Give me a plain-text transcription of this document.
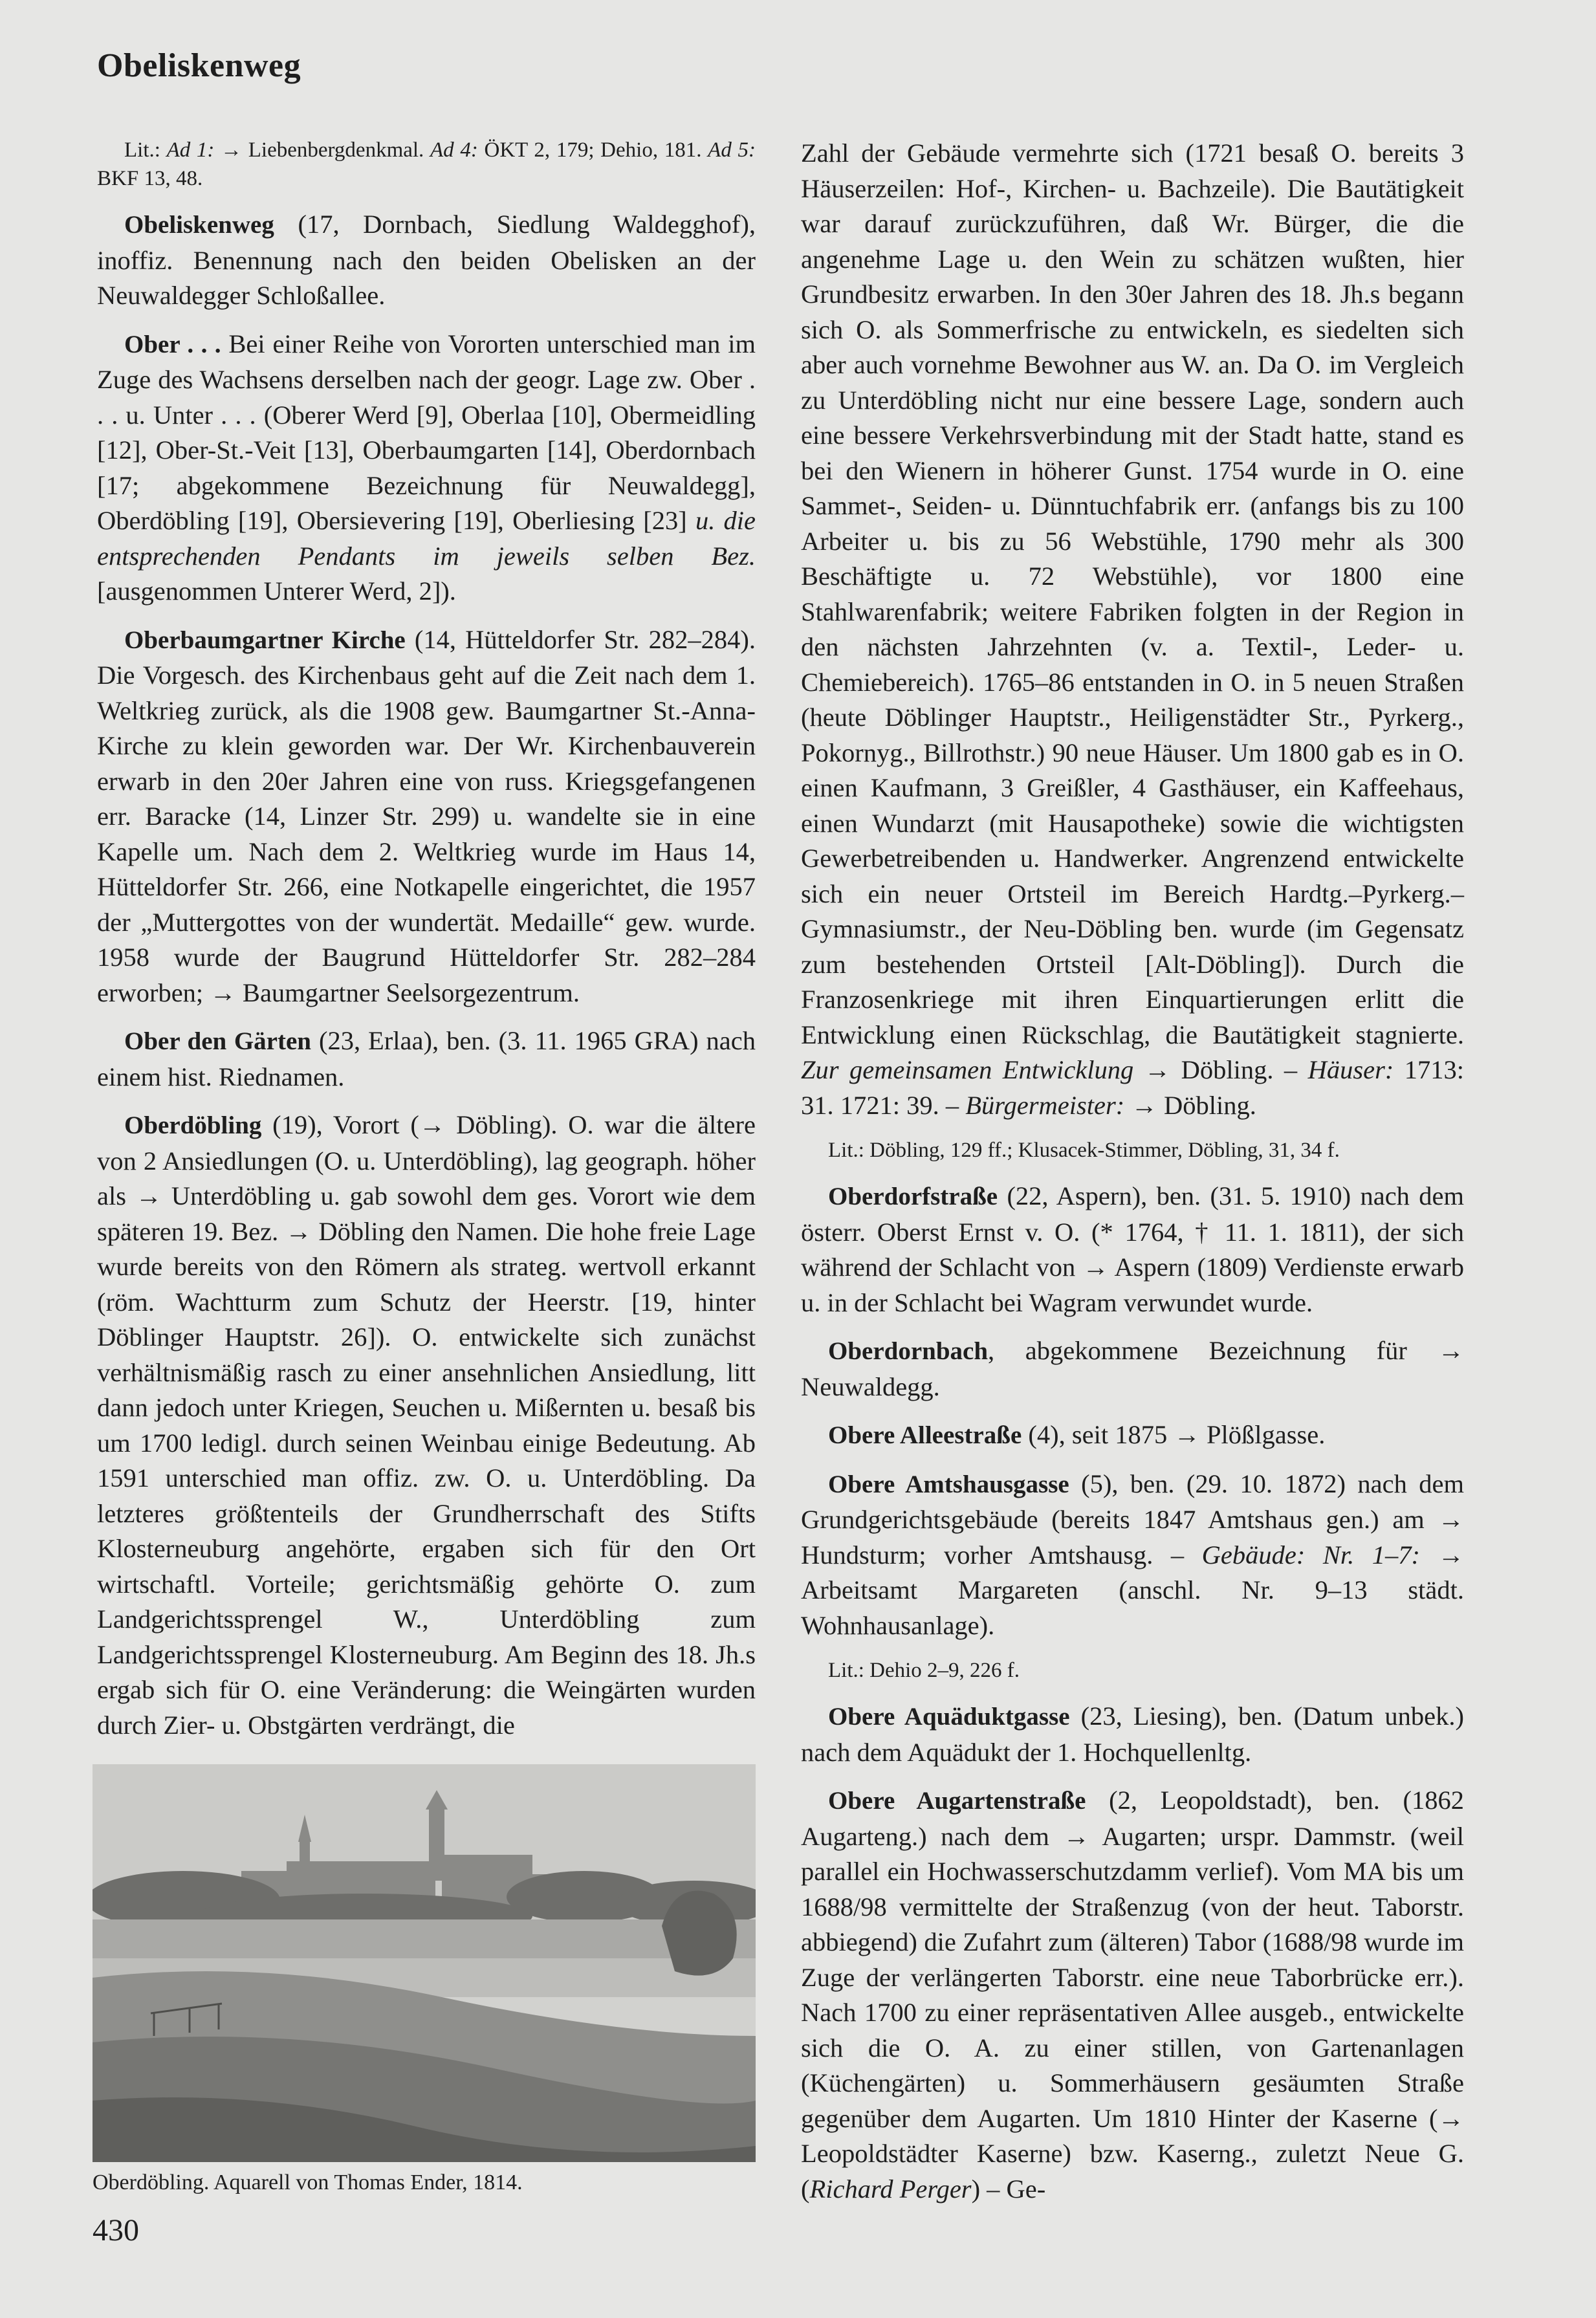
Obeliskenweg

Lit.: Ad 1: → Liebenbergdenkmal. Ad 4: ÖKT 2, 179; Dehio, 181. Ad 5: BKF 13, 48.

Obeliskenweg (17, Dornbach, Siedlung Waldegghof), inoffiz. Benennung nach den beiden Obelisken an der Neuwaldegger Schloßallee.

Ober . . . Bei einer Reihe von Vororten unterschied man im Zuge des Wachsens derselben nach der geogr. Lage zw. Ober . . . u. Unter . . . (Oberer Werd [9], Oberlaa [10], Obermeidling [12], Ober-St.-Veit [13], Oberbaumgarten [14], Oberdornbach [17; abgekommene Bezeichnung für Neuwaldegg], Oberdöbling [19], Obersievering [19], Oberliesing [23] u. die entsprechenden Pendants im jeweils selben Bez. [ausgenommen Unterer Werd, 2]).

Oberbaumgartner Kirche (14, Hütteldorfer Str. 282–284). Die Vorgesch. des Kirchenbaus geht auf die Zeit nach dem 1. Weltkrieg zurück, als die 1908 gew. Baumgartner St.-Anna-Kirche zu klein geworden war. Der Wr. Kirchenbauverein erwarb in den 20er Jahren eine von russ. Kriegsgefangenen err. Baracke (14, Linzer Str. 299) u. wandelte sie in eine Kapelle um. Nach dem 2. Weltkrieg wurde im Haus 14, Hütteldorfer Str. 266, eine Notkapelle eingerichtet, die 1957 der „Muttergottes von der wundertät. Medaille“ gew. wurde. 1958 wurde der Baugrund Hütteldorfer Str. 282–284 erworben; → Baumgartner Seelsorgezentrum.

Ober den Gärten (23, Erlaa), ben. (3. 11. 1965 GRA) nach einem hist. Riednamen.

Oberdöbling (19), Vorort (→ Döbling). O. war die ältere von 2 Ansiedlungen (O. u. Unterdöbling), lag geograph. höher als → Unterdöbling u. gab sowohl dem ges. Vorort wie dem späteren 19. Bez. → Döbling den Namen. Die hohe freie Lage wurde bereits von den Römern als strateg. wertvoll erkannt (röm. Wachtturm zum Schutz der Heerstr. [19, hinter Döblinger Hauptstr. 26]). O. entwickelte sich zunächst verhältnismäßig rasch zu einer ansehnlichen Ansiedlung, litt dann jedoch unter Kriegen, Seuchen u. Mißernten u. besaß bis um 1700 ledigl. durch seinen Weinbau einige Bedeutung. Ab 1591 unterschied man offiz. zw. O. u. Unterdöbling. Da letzteres größtenteils der Grundherrschaft des Stifts Klosterneuburg angehörte, ergaben sich für den Ort wirtschaftl. Vorteile; gerichtsmäßig gehörte O. zum Landgerichtssprengel W., Unterdöbling zum Landgerichtssprengel Klosterneuburg. Am Beginn des 18. Jh.s ergab sich für O. eine Veränderung: die Weingärten wurden durch Zier- u. Obstgärten verdrängt, die

Oberdöbling. Aquarell von Thomas Ender, 1814.
430

Zahl der Gebäude vermehrte sich (1721 besaß O. bereits 3 Häuserzeilen: Hof-, Kirchen- u. Bachzeile). Die Bautätigkeit war darauf zurückzuführen, daß Wr. Bürger, die die angenehme Lage u. den Wein zu schätzen wußten, hier Grundbesitz erwarben. In den 30er Jahren des 18. Jh.s begann sich O. als Sommerfrische zu entwickeln, es siedelten sich aber auch vornehme Bewohner aus W. an. Da O. im Vergleich zu Unterdöbling nicht nur eine bessere Lage, sondern auch eine bessere Verkehrsverbindung mit der Stadt hatte, stand es bei den Wienern in höherer Gunst. 1754 wurde in O. eine Sammet-, Seiden- u. Dünntuchfabrik err. (anfangs bis zu 100 Arbeiter u. bis zu 56 Webstühle, 1790 mehr als 300 Beschäftigte u. 72 Webstühle), vor 1800 eine Stahlwarenfabrik; weitere Fabriken folgten in der Region in den nächsten Jahrzehnten (v. a. Textil-, Leder- u. Chemiebereich). 1765–86 entstanden in O. in 5 neuen Straßen (heute Döblinger Hauptstr., Heiligenstädter Str., Pyrkerg., Pokornyg., Billrothstr.) 90 neue Häuser. Um 1800 gab es in O. einen Kaufmann, 3 Greißler, 4 Gasthäuser, ein Kaffeehaus, einen Wundarzt (mit Hausapotheke) sowie die wichtigsten Gewerbetreibenden u. Handwerker. Angrenzend entwickelte sich ein neuer Ortsteil im Bereich Hardtg.–Pyrkerg.–Gymnasiumstr., der Neu-Döbling ben. wurde (im Gegensatz zum bestehenden Ortsteil [Alt-Döbling]). Durch die Franzosenkriege mit ihren Einquartierungen erlitt die Entwicklung einen Rückschlag, die Bautätigkeit stagnierte. Zur gemeinsamen Entwicklung → Döbling. – Häuser: 1713: 31. 1721: 39. – Bürgermeister: → Döbling.

Lit.: Döbling, 129 ff.; Klusacek-Stimmer, Döbling, 31, 34 f.

Oberdorfstraße (22, Aspern), ben. (31. 5. 1910) nach dem österr. Oberst Ernst v. O. (* 1764, † 11. 1. 1811), der sich während der Schlacht von → Aspern (1809) Verdienste erwarb u. in der Schlacht bei Wagram verwundet wurde.

Oberdornbach, abgekommene Bezeichnung für → Neuwaldegg.

Obere Alleestraße (4), seit 1875 → Plößlgasse.

Obere Amtshausgasse (5), ben. (29. 10. 1872) nach dem Grundgerichtsgebäude (bereits 1847 Amtshaus gen.) am → Hundsturm; vorher Amtshausg. – Gebäude: Nr. 1–7: → Arbeitsamt Margareten (anschl. Nr. 9–13 städt. Wohnhausanlage).

Lit.: Dehio 2–9, 226 f.

Obere Aquäduktgasse (23, Liesing), ben. (Datum unbek.) nach dem Aquädukt der 1. Hochquellenltg.

Obere Augartenstraße (2, Leopoldstadt), ben. (1862 Augarteng.) nach dem → Augarten; urspr. Dammstr. (weil parallel ein Hochwasserschutzdamm verlief). Vom MA bis um 1688/98 vermittelte der Straßenzug (von der heut. Taborstr. abbiegend) die Zufahrt zum (älteren) Tabor (1688/98 wurde im Zuge der verlängerten Taborstr. eine neue Taborbrücke err.). Nach 1700 zu einer repräsentativen Allee ausgeb., entwickelte sich die O. A. zu einer stillen, von Gartenanlagen (Küchengärten) u. Sommerhäusern gesäumten Straße gegenüber dem Augarten. Um 1810 Hinter der Kaserne (→ Leopoldstädter Kaserne) bzw. Kaserng., zuletzt Neue G. (Richard Perger) – Ge-
